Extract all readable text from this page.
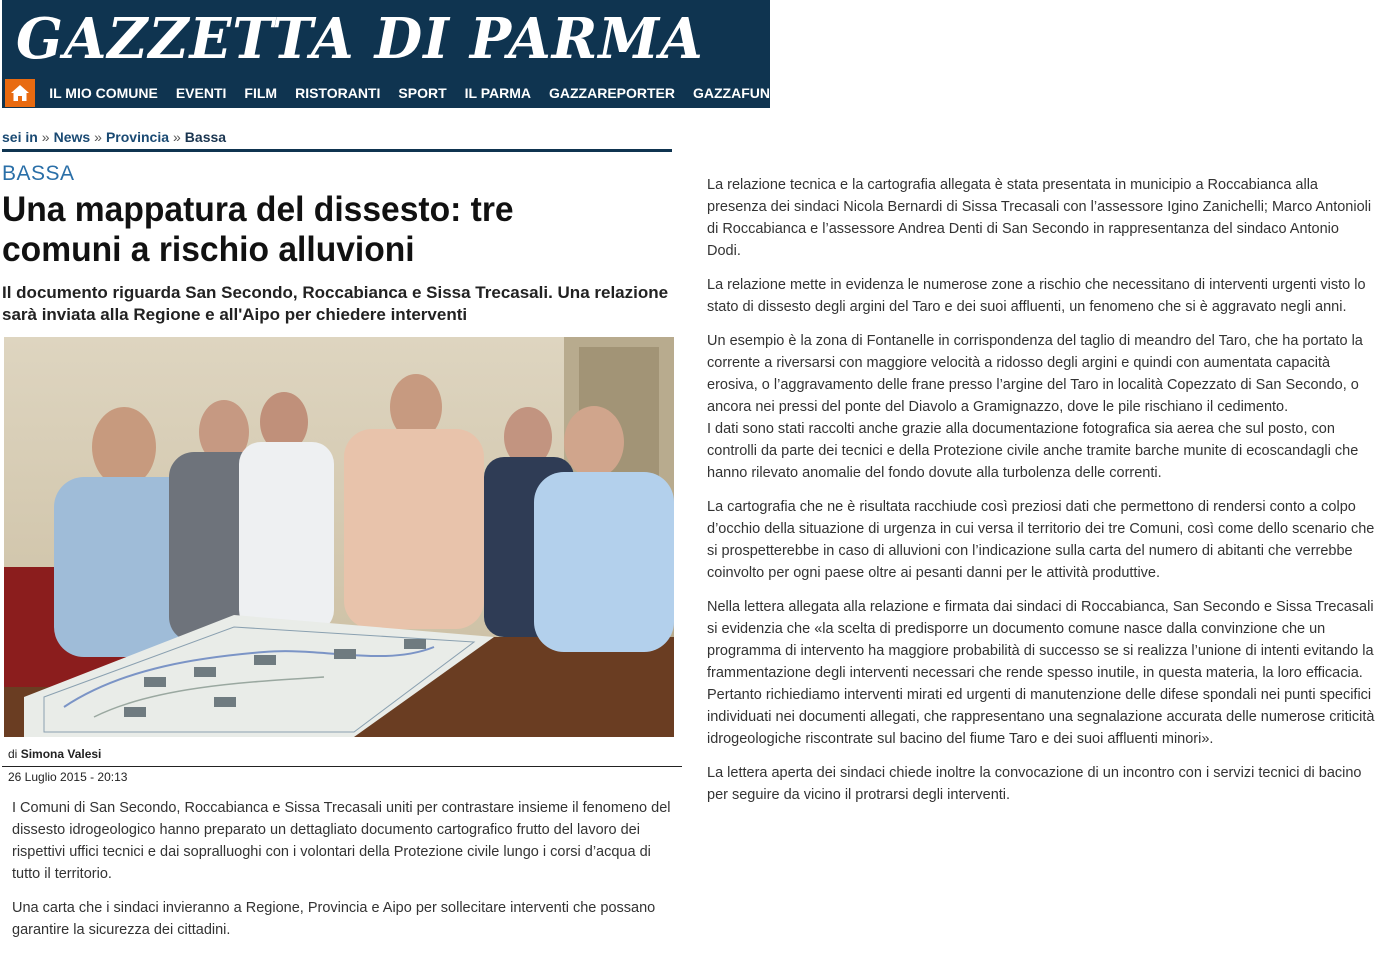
GAZZETTA DI PARMA
IL MIO COMUNE EVENTI FILM RISTORANTI SPORT IL PARMA GAZZAREPORTER GAZZAFUN
sei in » News » Provincia » Bassa
BASSA
Una mappatura del dissesto: tre comuni a rischio alluvioni
Il documento riguarda San Secondo, Roccabianca e Sissa Trecasali. Una relazione sarà inviata alla Regione e all'Aipo per chiedere interventi
di Simona Valesi
26 Luglio 2015 - 20:13

I Comuni di San Secondo, Roccabianca e Sissa Trecasali uniti per contrastare insieme il fenomeno del dissesto idrogeologico hanno preparato un dettagliato documento cartografico frutto del lavoro dei rispettivi uffici tecnici e dai sopralluoghi con i volontari della Protezione civile lungo i corsi d’acqua di tutto il territorio.

Una carta che i sindaci invieranno a Regione, Provincia e Aipo per sollecitare interventi che possano garantire la sicurezza dei cittadini.

La relazione tecnica e la cartografia allegata è stata presentata in municipio a Roccabianca alla presenza dei sindaci Nicola Bernardi di Sissa Trecasali con l’assessore Igino Zanichelli; Marco Antonioli di Roccabianca e l’assessore Andrea Denti di San Secondo in rappresentanza del sindaco Antonio Dodi.

La relazione mette in evidenza le numerose zone a rischio che necessitano di interventi urgenti visto lo stato di dissesto degli argini del Taro e dei suoi affluenti, un fenomeno che si è aggravato negli anni.

Un esempio è la zona di Fontanelle in corrispondenza del taglio di meandro del Taro, che ha portato la corrente a riversarsi con maggiore velocità a ridosso degli argini e quindi con aumentata capacità erosiva, o l’aggravamento delle frane presso l’argine del Taro in località Copezzato di San Secondo, o ancora nei pressi del ponte del Diavolo a Gramignazzo, dove le pile rischiano il cedimento.

I dati sono stati raccolti anche grazie alla documentazione fotografica sia aerea che sul posto, con controlli da parte dei tecnici e della Protezione civile anche tramite barche munite di ecoscandagli che hanno rilevato anomalie del fondo dovute alla turbolenza delle correnti.

La cartografia che ne è risultata racchiude così preziosi dati che permettono di rendersi conto a colpo d’occhio della situazione di urgenza in cui versa il territorio dei tre Comuni, così come dello scenario che si prospetterebbe in caso di alluvioni con l’indicazione sulla carta del numero di abitanti che verrebbe coinvolto per ogni paese oltre ai pesanti danni per le attività produttive.

Nella lettera allegata alla relazione e firmata dai sindaci di Roccabianca, San Secondo e Sissa Trecasali si evidenzia che «la scelta di predisporre un documento comune nasce dalla convinzione che un programma di intervento ha maggiore probabilità di successo se si realizza l’unione di intenti evitando la frammentazione degli interventi necessari che rende spesso inutile, in questa materia, la loro efficacia. Pertanto richiediamo interventi mirati ed urgenti di manutenzione delle difese spondali nei punti specifici individuati nei documenti allegati, che rappresentano una segnalazione accurata delle numerose criticità idrogeologiche riscontrate sul bacino del fiume Taro e dei suoi affluenti minori».

La lettera aperta dei sindaci chiede inoltre la convocazione di un incontro con i servizi tecnici di bacino per seguire da vicino il protrarsi degli interventi.
